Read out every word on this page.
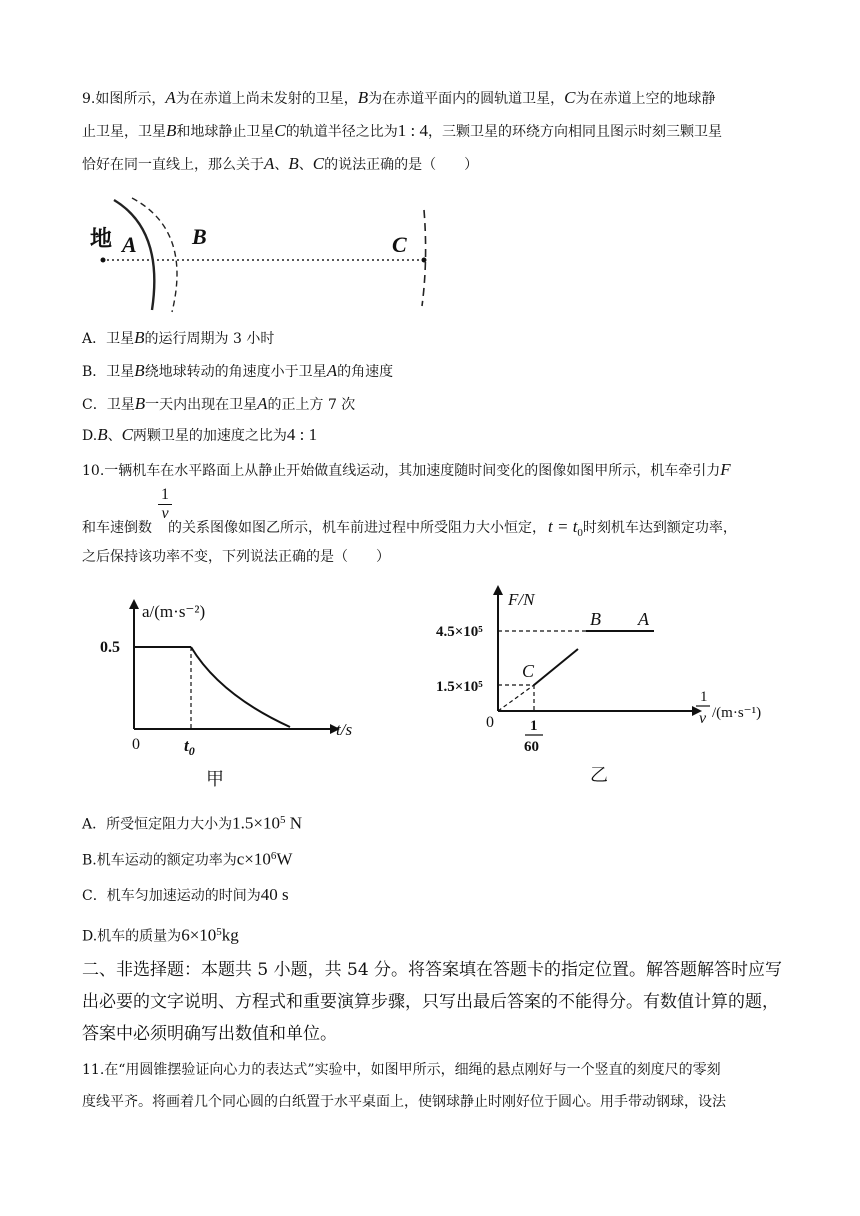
9.如图所示，A为在赤道上尚未发射的卫星，B为在赤道平面内的圆轨道卫星，C为在赤道上空的地球静
止卫星，卫星B和地球静止卫星C的轨道半径之比为1 : 4，三颗卫星的环绕方向相同且图示时刻三颗卫星
恰好在同一直线上，那么关于A、B、C的说法正确的是（　　）
地 A	B	C
A．卫星B的运行周期为 3 小时
B．卫星B绕地球转动的角速度小于卫星A的角速度
C．卫星B一天内出现在卫星A的正上方 7 次
D.B、C两颗卫星的加速度之比为4 : 1
10.一辆机车在水平路面上从静止开始做直线运动，其加速度随时间变化的图像如图甲所示，机车牵引力F
1
v
和车速倒数 的关系图像如图乙所示，机车前进过程中所受阻力大小恒定， $t = t_0$时刻机车达到额定功率，
之后保持该功率不变，下列说法正确的是（　　）
a/(m·s⁻²)
0.5
0	$t_0$
t/s
甲
F/N
4.5×10⁵
1.5×10⁵
0
B A
C
1
60
1
v /(m·s⁻¹)
乙
A．所受恒定阻力大小为$1.5\times 10^5$ N
B.机车运动的额定功率为$c\times 10^6W$
C．机车匀加速运动的时间为40 s
D.机车的质量为$6\times 10^5kg$
二、非选择题：本题共 5 小题，共 54 分。将答案填在答题卡的指定位置。解答题解答时应写
出必要的文字说明、方程式和重要演算步骤，只写出最后答案的不能得分。有数值计算的题，
答案中必须明确写出数值和单位。
11.在“用圆锥摆验证向心力的表达式”实验中，如图甲所示，细绳的悬点刚好与一个竖直的刻度尺的零刻
度线平齐。将画着几个同心圆的白纸置于水平桌面上，使钢球静止时刚好位于圆心。用手带动钢球，设法
